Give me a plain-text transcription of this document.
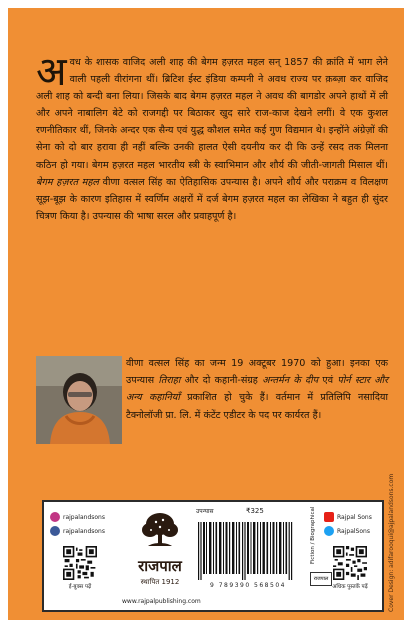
अवध के शासक वाजिद अली शाह की बेगम हज़रत महल सन् 1857 की क्रांति में भाग लेने वाली पहली वीरांगना थीं। ब्रिटिश ईस्ट इंडिया कम्पनी ने अवध राज्य पर क़ब्ज़ा कर वाजिद अली शाह को बन्दी बना लिया। जिसके बाद बेगम हज़रत महल ने अवध की बागडोर अपने हाथों में ली और अपने नाबालिग बेटे को राजगद्दी पर बिठाकर खुद सारे राज-काज देखने लगीं। वे एक कुशल रणनीतिकार थीं, जिनके अन्दर एक सैन्य एवं युद्ध कौशल समेत कई गुण विद्यमान थे। इन्होंने अंग्रेज़ों की सेना को दो बार हरावा ही नहीं बल्कि उनकी हालत ऐसी दयनीय कर दी कि उन्हें रसद तक मिलना कठिन हो गया। बेगम हज़रत महल भारतीय स्त्री के स्वाभिमान और शौर्य की जीती-जागती मिसाल थीं। बेगम हज़रत महल वीणा वत्सल सिंह का ऐतिहासिक उपन्यास है। अपने शौर्य और पराक्रम व विलक्षण सूझ-बूझ के कारण इतिहास में स्वर्णिम अक्षरों में दर्ज बेगम हज़रत महल का लेखिका ने बहुत ही सुंदर चित्रण किया है। उपन्यास की भाषा सरल और प्रवाहपूर्ण है।

वीणा वत्सल सिंह का जन्म 19 अक्टूबर 1970 को हुआ। इनका एक उपन्यास तिराहा और दो कहानी-संग्रह अन्तर्मन के दीप एवं पोर्न स्टार और अन्य कहानियाँ प्रकाशित हो चुके हैं। वर्तमान में प्रतिलिपि नसादिया टैक्नोलॉजी प्रा. लि. में कंटेंट एडीटर के पद पर कार्यरत हैं।

Cover Design: adifarooqui@ajpalandsons.com
rajpalandsons
rajpalandsons
ई-बुक्स पढ़ें
राजपाल
स्थापित 1912
www.rajpalpublishing.com
उपन्यास	₹325
9 789390 568504
Fiction / Biographical
राजपाल
Rajpal Sons
RajpalSons
अधिक पुस्तकें पढ़ें
